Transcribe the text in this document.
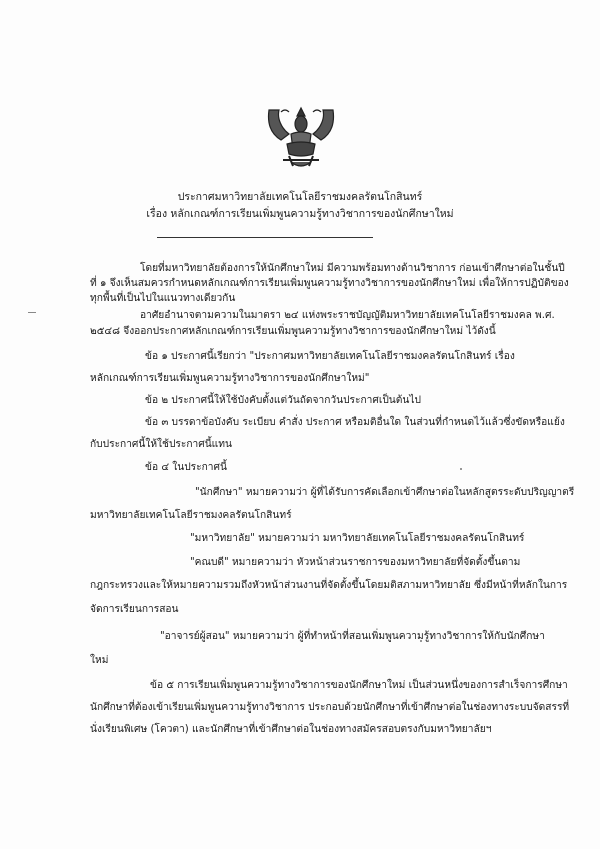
ประกาศมหาวิทยาลัยเทคโนโลยีราชมงคลรัตนโกสินทร์
เรื่อง หลักเกณฑ์การเรียนเพิ่มพูนความรู้ทางวิชาการของนักศึกษาใหม่
โดยที่มหาวิทยาลัยต้องการให้นักศึกษาใหม่ มีความพร้อมทางด้านวิชาการ ก่อนเข้าศึกษาต่อในชั้นปี
ที่ ๑ จึงเห็นสมควรกำหนดหลักเกณฑ์การเรียนเพิ่มพูนความรู้ทางวิชาการของนักศึกษาใหม่ เพื่อให้การปฏิบัติของ
ทุกพื้นที่เป็นไปในแนวทางเดียวกัน
อาศัยอำนาจตามความในมาตรา ๒๔ แห่งพระราชบัญญัติมหาวิทยาลัยเทคโนโลยีราชมงคล พ.ศ.
๒๕๔๘ จึงออกประกาศหลักเกณฑ์การเรียนเพิ่มพูนความรู้ทางวิชาการของนักศึกษาใหม่ ไว้ดังนี้
ข้อ ๑ ประกาศนี้เรียกว่า "ประกาศมหาวิทยาลัยเทคโนโลยีราชมงคลรัตนโกสินทร์ เรื่อง
หลักเกณฑ์การเรียนเพิ่มพูนความรู้ทางวิชาการของนักศึกษาใหม่"
ข้อ ๒ ประกาศนี้ให้ใช้บังคับตั้งแต่วันถัดจากวันประกาศเป็นต้นไป
ข้อ ๓ บรรดาข้อบังคับ ระเบียบ คำสั่ง ประกาศ หรือมติอื่นใด ในส่วนที่กำหนดไว้แล้วซึ่งขัดหรือแย้ง
กับประกาศนี้ให้ใช้ประกาศนี้แทน
ข้อ ๔ ในประกาศนี้
"นักศึกษา" หมายความว่า ผู้ที่ได้รับการคัดเลือกเข้าศึกษาต่อในหลักสูตรระดับปริญญาตรี
มหาวิทยาลัยเทคโนโลยีราชมงคลรัตนโกสินทร์
"มหาวิทยาลัย" หมายความว่า มหาวิทยาลัยเทคโนโลยีราชมงคลรัตนโกสินทร์
"คณบดี" หมายความว่า หัวหน้าส่วนราชการของมหาวิทยาลัยที่จัดตั้งขึ้นตาม
กฎกระทรวงและให้หมายความรวมถึงหัวหน้าส่วนงานที่จัดตั้งขึ้นโดยมติสภามหาวิทยาลัย ซึ่งมีหน้าที่หลักในการ
จัดการเรียนการสอน
"อาจารย์ผู้สอน" หมายความว่า ผู้ที่ทำหน้าที่สอนเพิ่มพูนความรู้ทางวิชาการให้กับนักศึกษา
ใหม่
ข้อ ๕ การเรียนเพิ่มพูนความรู้ทางวิชาการของนักศึกษาใหม่ เป็นส่วนหนึ่งของการสำเร็จการศึกษา
นักศึกษาที่ต้องเข้าเรียนเพิ่มพูนความรู้ทางวิชาการ ประกอบด้วยนักศึกษาที่เข้าศึกษาต่อในช่องทางระบบจัดสรรที่
นั่งเรียนพิเศษ (โควตา) และนักศึกษาที่เข้าศึกษาต่อในช่องทางสมัครสอบตรงกับมหาวิทยาลัยฯ
